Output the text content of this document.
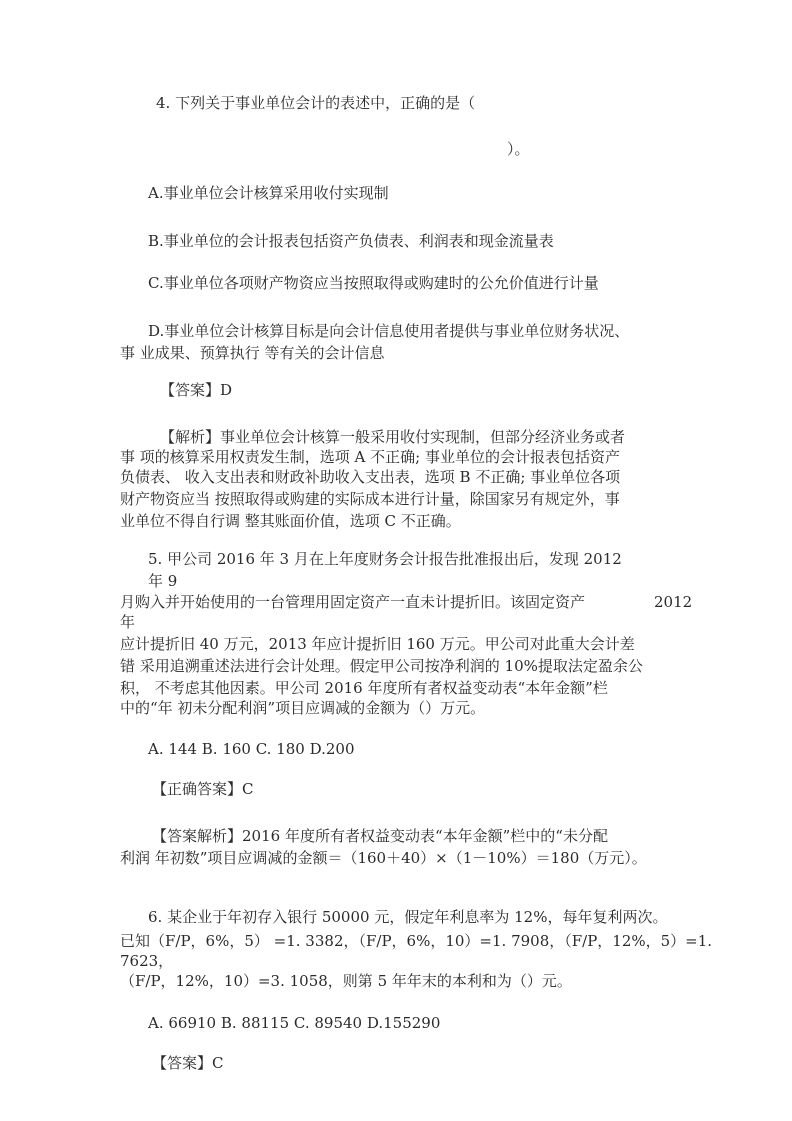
4. 下列关于事业单位会计的表述中，正确的是（
）。
A.事业单位会计核算采用收付实现制
B.事业单位的会计报表包括资产负债表、利润表和现金流量表
C.事业单位各项财产物资应当按照取得或购建时的公允价值进行计量
D.事业单位会计核算目标是向会计信息使用者提供与事业单位财务状况、
事 业成果、预算执行 等有关的会计信息
【答案】D
【解析】事业单位会计核算一般采用收付实现制，但部分经济业务或者
事 项的核算采用权责发生制，选项 A 不正确; 事业单位的会计报表包括资产
负债表、 收入支出表和财政补助收入支出表，选项 B 不正确; 事业单位各项
财产物资应当 按照取得或购建的实际成本进行计量，除国家另有规定外，事
业单位不得自行调 整其账面价值，选项 C 不正确。
5. 甲公司 2016 年 3 月在上年度财务会计报告批准报出后，发现 2012
年 9
月购入并开始使用的一台管理用固定资产一直未计提折旧。该固定资产	2012
年
应计提折旧 40 万元，2013 年应计提折旧 160 万元。甲公司对此重大会计差
错 采用追溯重述法进行会计处理。假定甲公司按净利润的 10%提取法定盈余公
积， 不考虑其他因素。甲公司 2016 年度所有者权益变动表“本年金额”栏
中的“年 初未分配利润”项目应调减的金额为（）万元。
A. 144 B. 160 C. 180 D.200
【正确答案】C
【答案解析】2016 年度所有者权益变动表“本年金额”栏中的“未分配
利润 年初数”项目应调减的金额＝（160＋40）×（1－10%）＝180（万元）。
6. 某企业于年初存入银行 50000 元，假定年利息率为 12%，每年复利两次。
已知（F/P，6%，5） =1. 3382，（F/P，6%，10）=1. 7908，（F/P，12%，5）=1.
7623，
（F/P，12%，10）=3. 1058，则第 5 年年末的本利和为（）元。
A. 66910 B. 88115 C. 89540 D.155290
【答案】C
